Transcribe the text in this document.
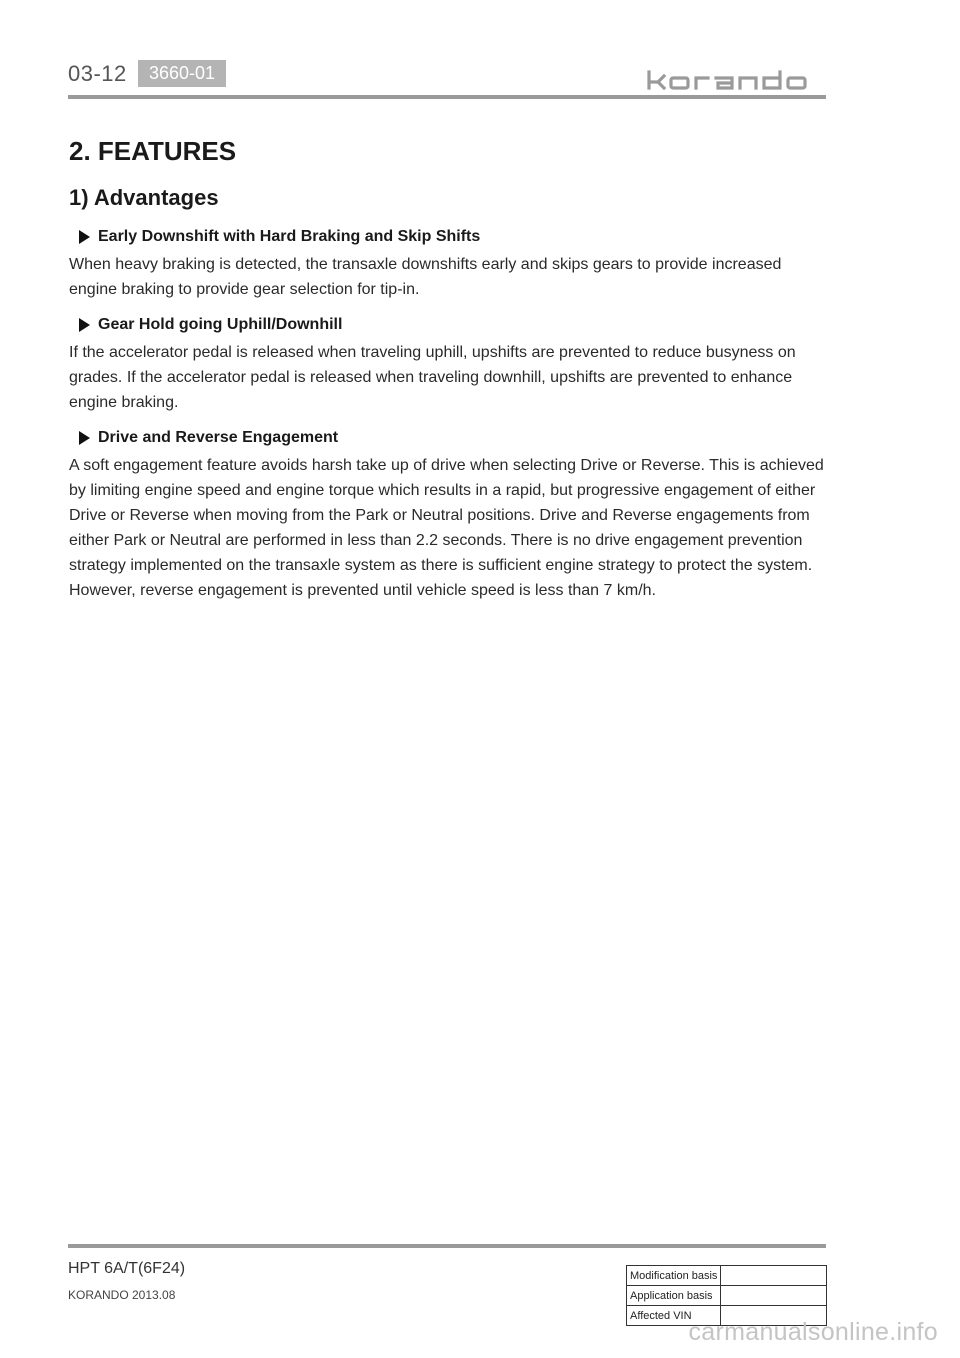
03-12	3660-01
2. FEATURES
1) Advantages
Early Downshift with Hard Braking and Skip Shifts

When heavy braking is detected, the transaxle downshifts early and skips gears to provide increased engine braking to provide gear selection for tip-in.

Gear Hold going Uphill/Downhill

If the accelerator pedal is released when traveling uphill, upshifts are prevented to reduce busyness on grades. If the accelerator pedal is released when traveling downhill, upshifts are prevented to enhance engine braking.

Drive and Reverse Engagement

A soft engagement feature avoids harsh take up of drive when selecting Drive or Reverse. This is achieved by limiting engine speed and engine torque which results in a rapid, but progressive engagement of either Drive or Reverse when moving from the Park or Neutral positions. Drive and Reverse engagements from either Park or Neutral are performed in less than 2.2 seconds. There is no drive engagement prevention strategy implemented on the transaxle system as there is sufficient engine strategy to protect the system. However, reverse engagement is prevented until vehicle speed is less than 7 km/h.

HPT 6A/T(6F24)
KORANDO 2013.08
Modification basis	
Application basis	
Affected VIN	
carmanualsonline.info
